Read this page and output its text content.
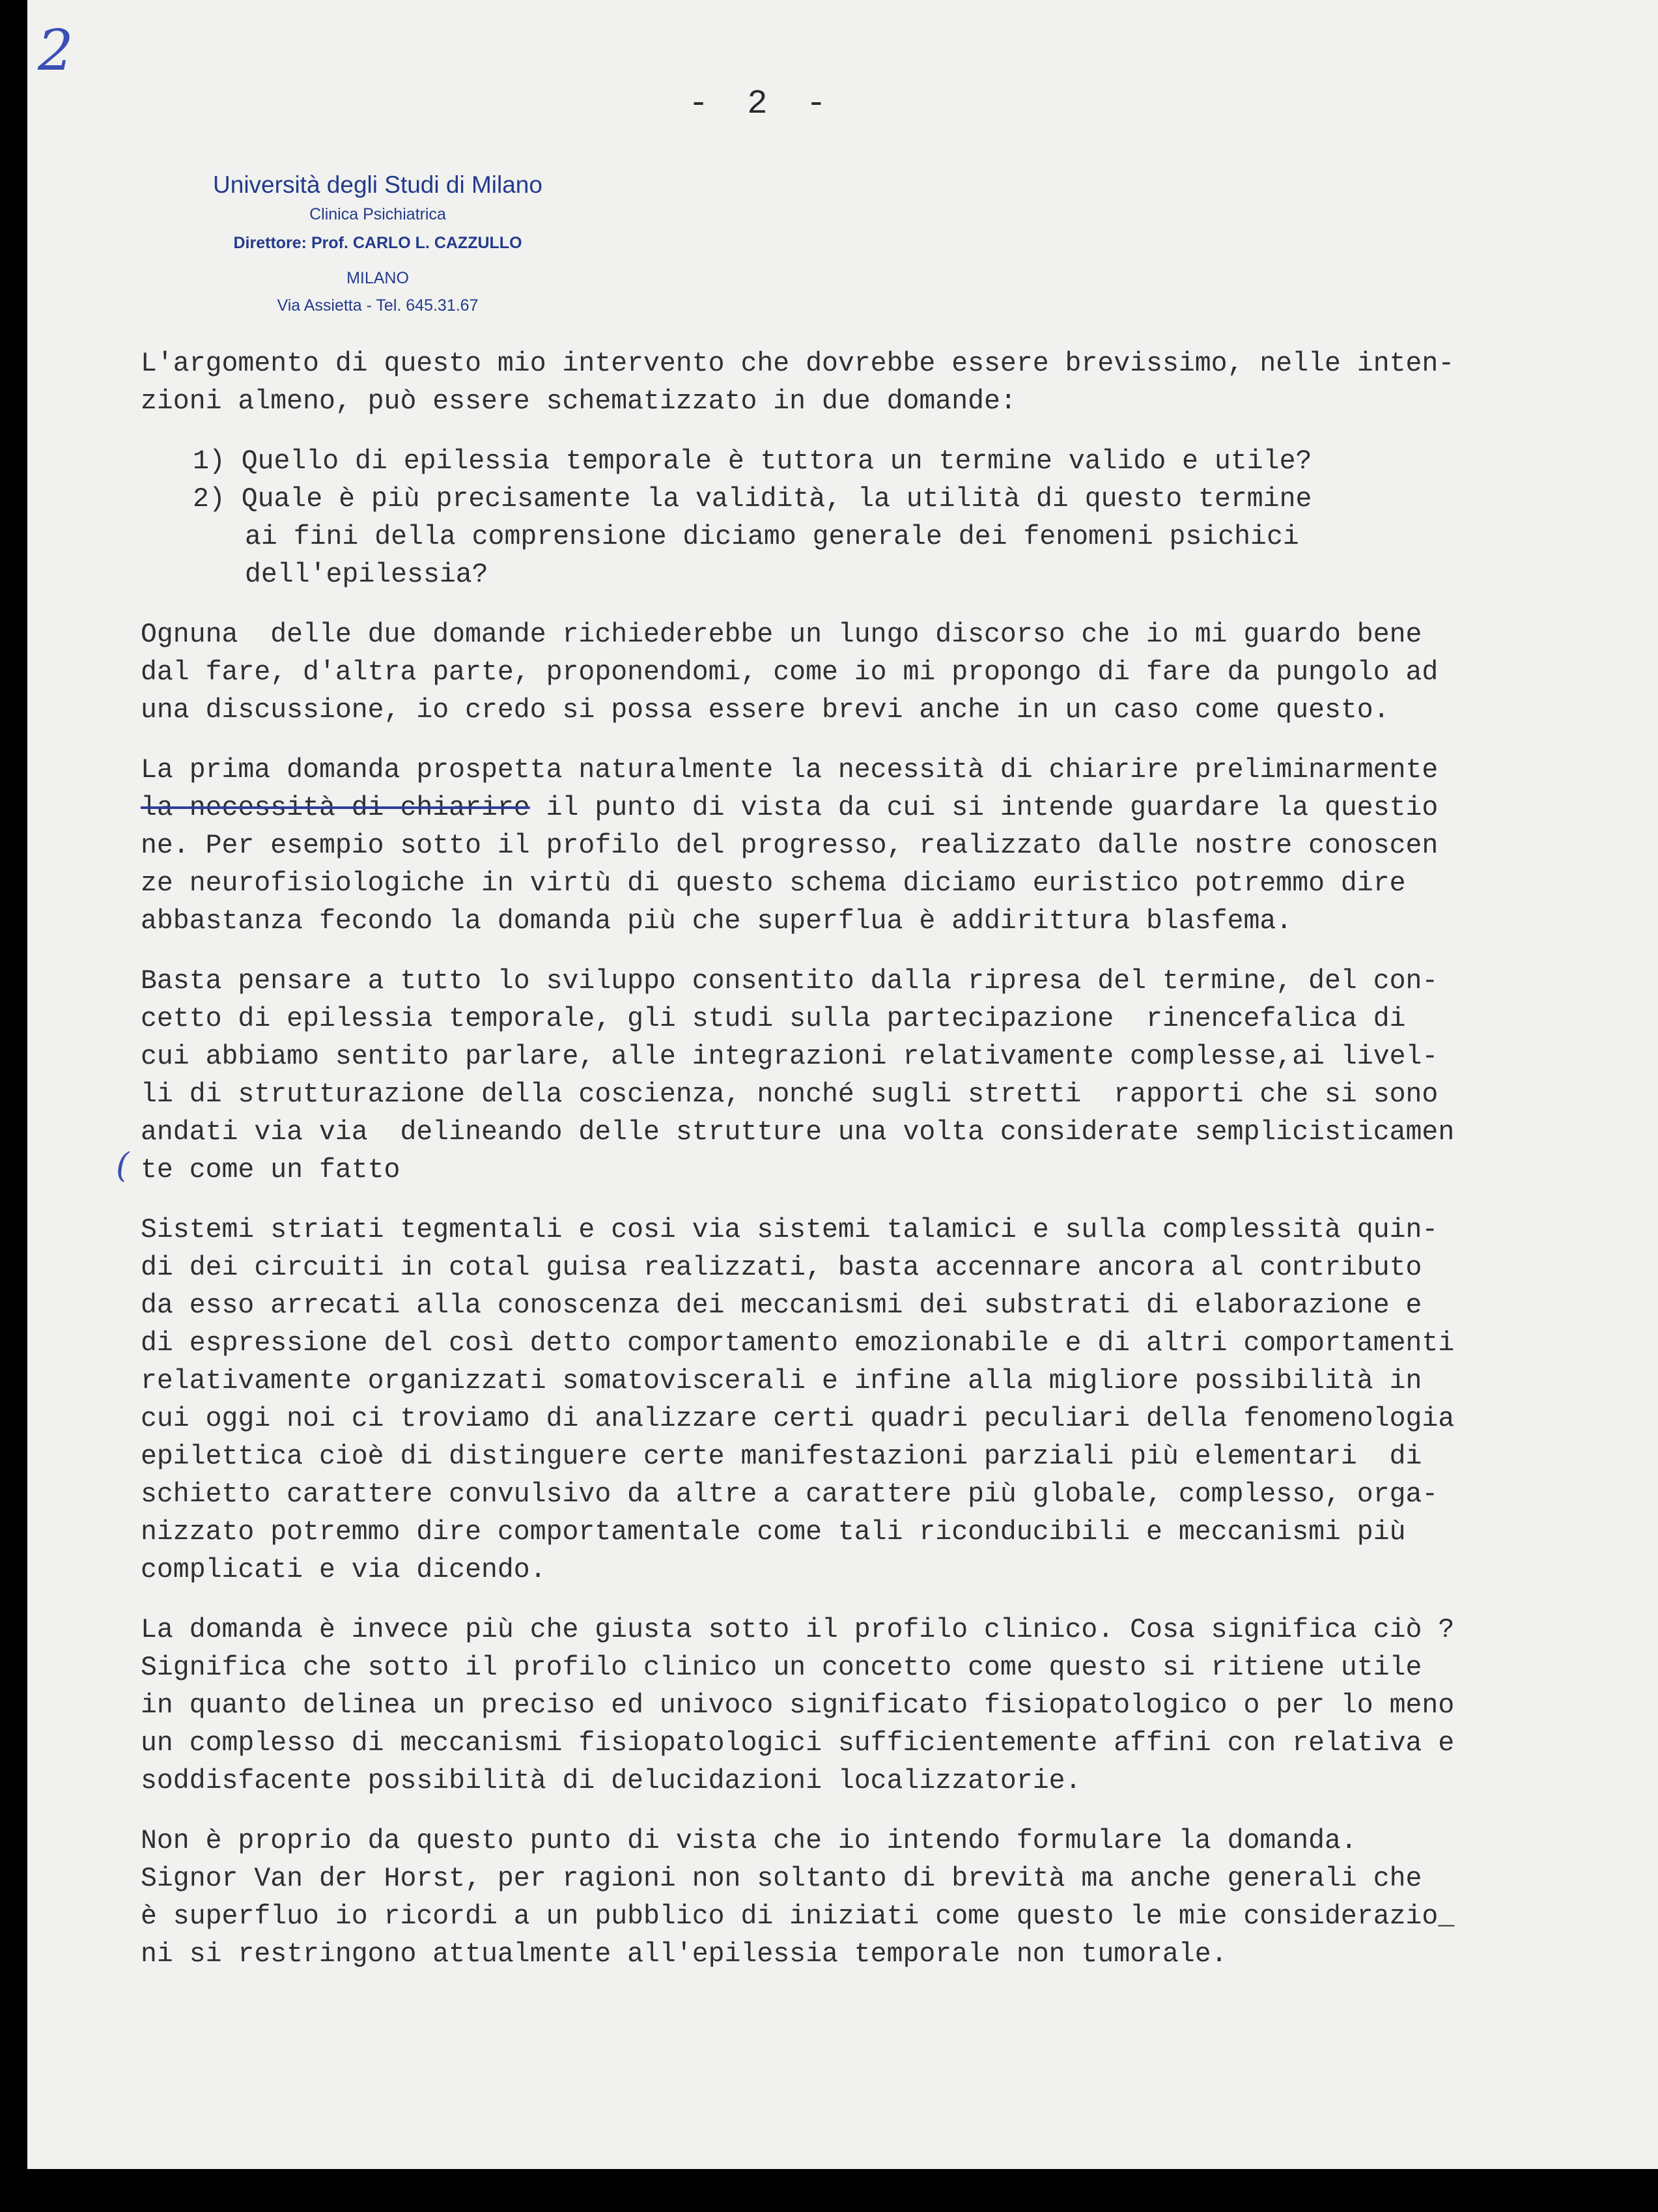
2
- 2 -
Università degli Studi di Milano
Clinica Psichiatrica
Direttore: Prof. CARLO L. CAZZULLO
MILANO
Via Assietta - Tel. 645.31.67
(
L'argomento di questo mio intervento che dovrebbe essere brevissimo, nelle inten-
zioni almeno, può essere schematizzato in due domande:
1) Quello di epilessia temporale è tuttora un termine valido e utile?
2) Quale è più precisamente la validità, la utilità di questo termine
ai fini della comprensione diciamo generale dei fenomeni psichici
dell'epilessia?
Ognuna  delle due domande richiederebbe un lungo discorso che io mi guardo bene
dal fare, d'altra parte, proponendomi, come io mi propongo di fare da pungolo ad
una discussione, io credo si possa essere brevi anche in un caso come questo.
La prima domanda prospetta naturalmente la necessità di chiarire preliminarmente
la necessità di chiarire il punto di vista da cui si intende guardare la questio
ne. Per esempio sotto il profilo del progresso, realizzato dalle nostre conoscen
ze neurofisiologiche in virtù di questo schema diciamo euristico potremmo dire
abbastanza fecondo la domanda più che superflua è addirittura blasfema.
Basta pensare a tutto lo sviluppo consentito dalla ripresa del termine, del con-
cetto di epilessia temporale, gli studi sulla partecipazione  rinencefalica di
cui abbiamo sentito parlare, alle integrazioni relativamente complesse,ai livel-
li di strutturazione della coscienza, nonché sugli stretti  rapporti che si sono
andati via via  delineando delle strutture una volta considerate semplicisticamen
te come un fatto
Sistemi striati tegmentali e cosi via sistemi talamici e sulla complessità quin-
di dei circuiti in cotal guisa realizzati, basta accennare ancora al contributo
da esso arrecati alla conoscenza dei meccanismi dei substrati di elaborazione e
di espressione del così detto comportamento emozionabile e di altri comportamenti
relativamente organizzati somatoviscerali e infine alla migliore possibilità in
cui oggi noi ci troviamo di analizzare certi quadri peculiari della fenomenologia
epilettica cioè di distinguere certe manifestazioni parziali più elementari  di
schietto carattere convulsivo da altre a carattere più globale, complesso, orga-
nizzato potremmo dire comportamentale come tali riconducibili e meccanismi più
complicati e via dicendo.
La domanda è invece più che giusta sotto il profilo clinico. Cosa significa ciò ?
Significa che sotto il profilo clinico un concetto come questo si ritiene utile
in quanto delinea un preciso ed univoco significato fisiopatologico o per lo meno
un complesso di meccanismi fisiopatologici sufficientemente affini con relativa e
soddisfacente possibilità di delucidazioni localizzatorie.
Non è proprio da questo punto di vista che io intendo formulare la domanda.
Signor Van der Horst, per ragioni non soltanto di brevità ma anche generali che
è superfluo io ricordi a un pubblico di iniziati come questo le mie considerazio_
ni si restringono attualmente all'epilessia temporale non tumorale.
